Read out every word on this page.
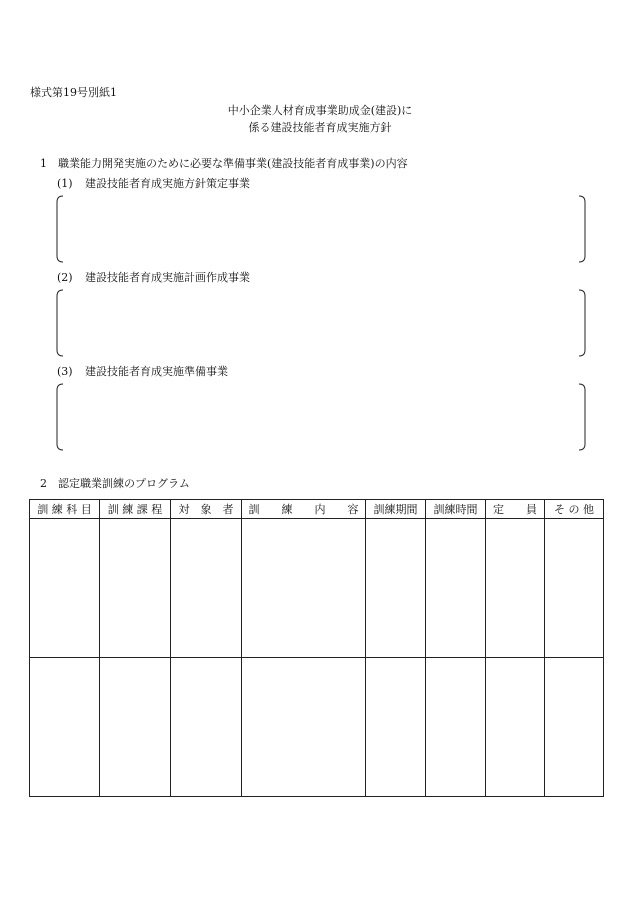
様式第19号別紙1
中小企業人材育成事業助成金(建設)に
係る建設技能者育成実施方針
1　職業能力開発実施のために必要な準備事業(建設技能者育成事業)の内容
(1) 建設技能者育成実施方針策定事業
(2) 建設技能者育成実施計画作成事業
(3) 建設技能者育成実施準備事業
2　認定職業訓練のプログラム
訓 練 科 目	訓 練 課 程	対　象　者	訓　　練　　内　　容	訓練期間	訓練時間	定　　員	そ の 他
